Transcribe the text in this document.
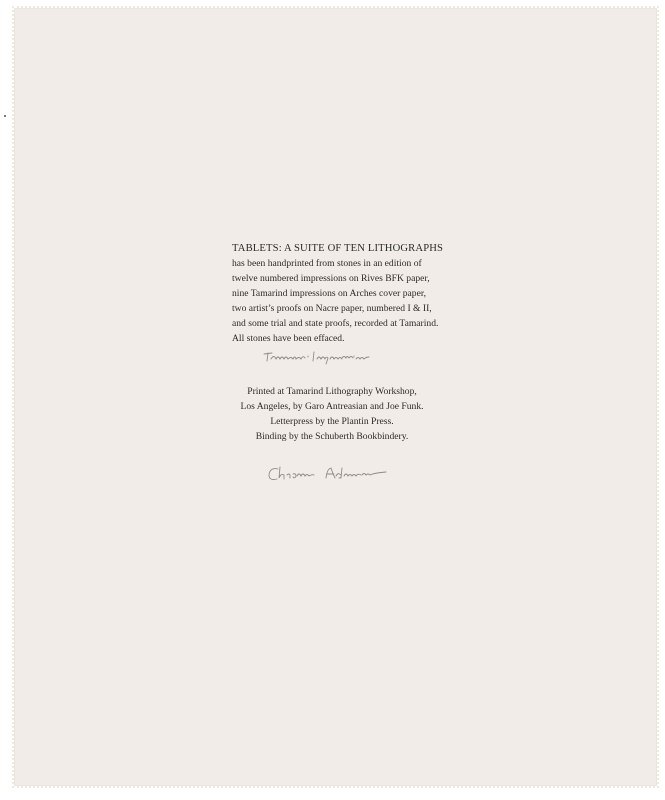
TABLETS: A SUITE OF TEN LITHOGRAPHS
has been handprinted from stones in an edition of
twelve numbered impressions on Rives BFK paper,
nine Tamarind impressions on Arches cover paper,
two artist’s proofs on Nacre paper, numbered I & II,
and some trial and state proofs, recorded at Tamarind.
All stones have been effaced.

Printed at Tamarind Lithography Workshop,
Los Angeles, by Garo Antreasian and Joe Funk.
Letterpress by the Plantin Press.
Binding by the Schuberth Bookbindery.
